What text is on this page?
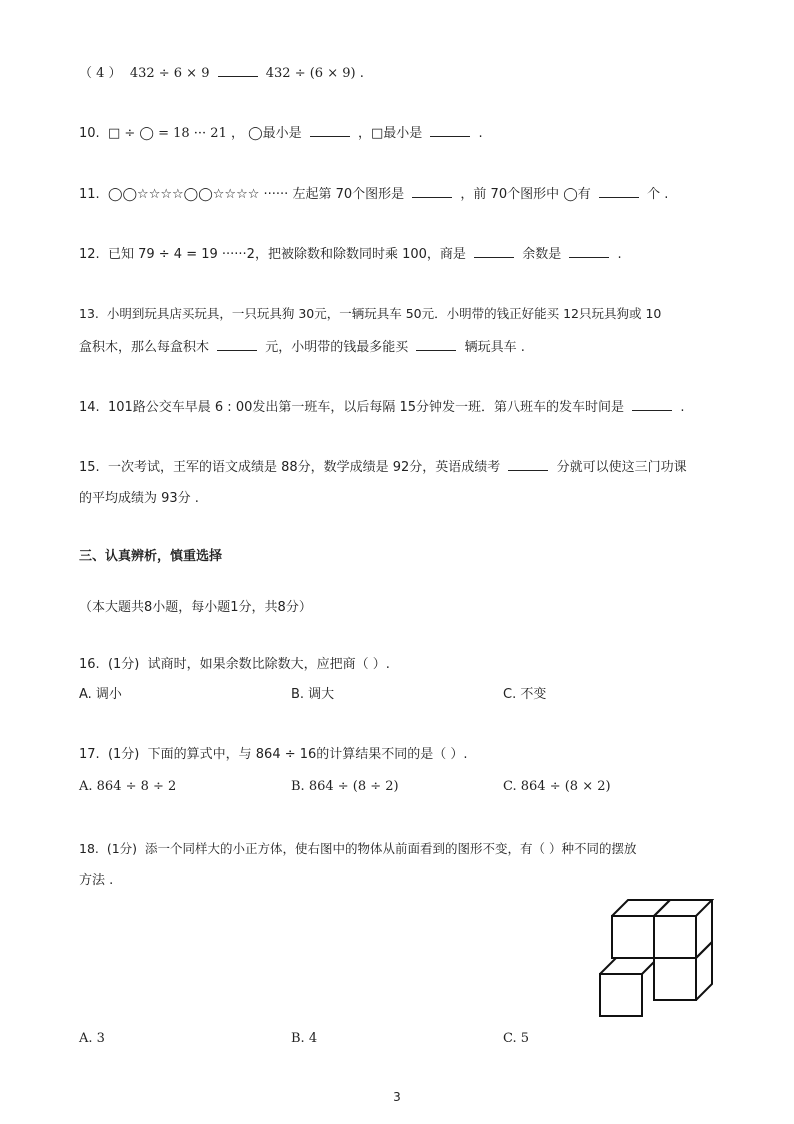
（ 4 ） 432 ÷ 6 × 9	432 ÷ (6 × 9) .
10. □ ÷ ◯ = 18 ··· 21 ， ◯最小是	，□最小是	.
11. ◯◯☆☆☆☆◯◯☆☆☆☆ ······ 左起第 70个图形是	，前 70个图形中 ◯有	个 .
12. 已知 79 ÷ 4 = 19 ······2，把被除数和除数同时乘 100，商是	余数是	.
13. 小明到玩具店买玩具，一只玩具狗 30元，一辆玩具车 50元．小明带的钱正好能买 12只玩具狗或 10
盒积木，那么每盒积木	元，小明带的钱最多能买	辆玩具车 .
14. 101路公交车早晨 6 : 00发出第一班车，以后每隔 15分钟发一班．第八班车的发车时间是	.
15. 一次考试，王军的语文成绩是 88分，数学成绩是 92分，英语成绩考	分就可以使这三门功课
的平均成绩为 93分 .
三、认真辨析，慎重选择
（本大题共8小题，每小题1分，共8分）
16. (1分) 试商时，如果余数比除数大，应把商（ ）.
A. 调小	B. 调大	C. 不变
17. (1分) 下面的算式中，与 864 ÷ 16的计算结果不同的是（ ）.
A. 864 ÷ 8 ÷ 2	B. 864 ÷ (8 ÷ 2)	C. 864 ÷ (8 × 2)
18. (1分) 添一个同样大的小正方体，使右图中的物体从前面看到的图形不变，有（ ）种不同的摆放
方法 .
A. 3	B. 4	C. 5
3
